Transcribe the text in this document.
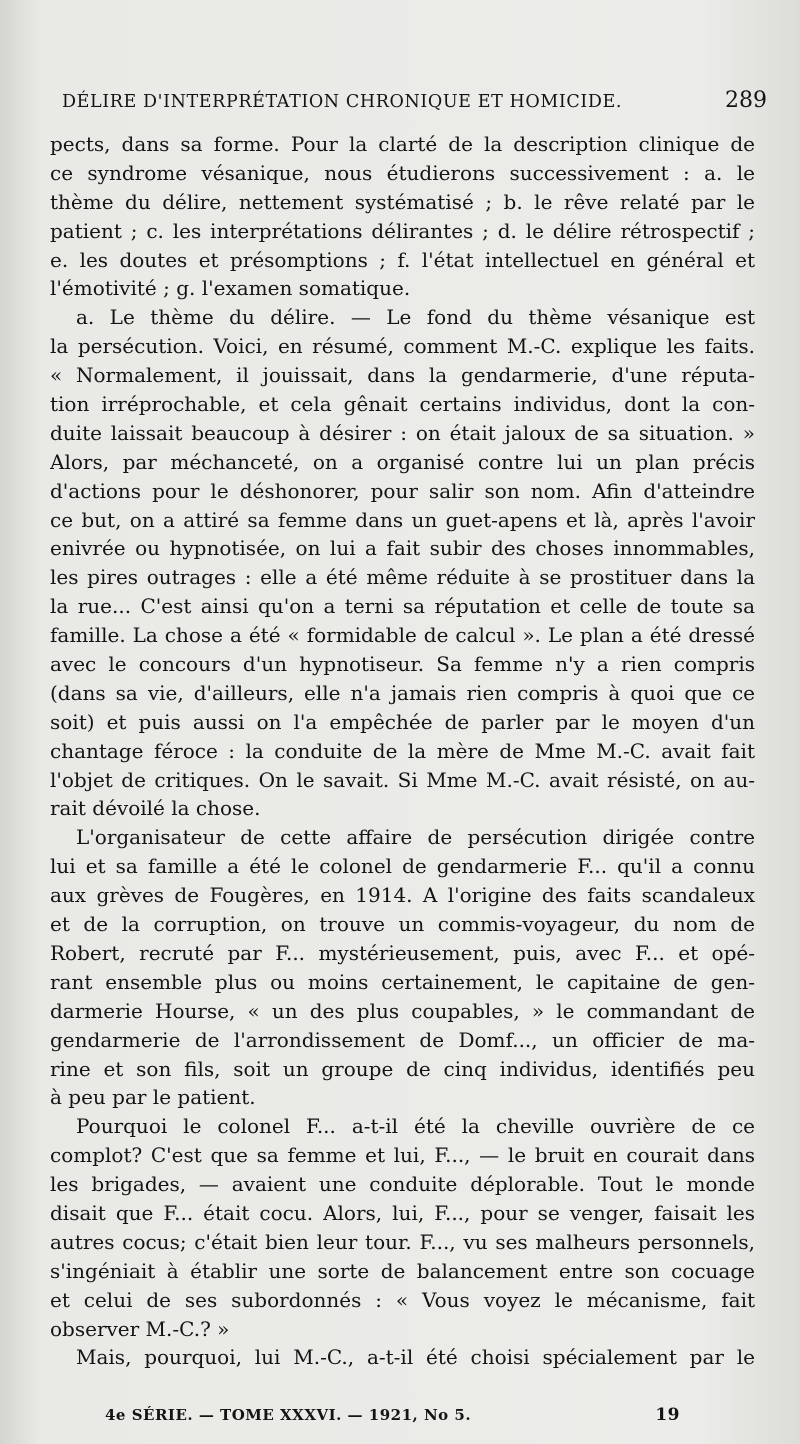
DÉLIRE D'INTERPRÉTATION CHRONIQUE ET HOMICIDE.	289
pects, dans sa forme. Pour la clarté de la description clinique de
ce syndrome vésanique, nous étudierons successivement : a. le
thème du délire, nettement systématisé ; b. le rêve relaté par le
patient ; c. les interprétations délirantes ; d. le délire rétrospectif ;
e. les doutes et présomptions ; f. l'état intellectuel en général et
l'émotivité ; g. l'examen somatique.
a. Le thème du délire. — Le fond du thème vésanique est
la persécution. Voici, en résumé, comment M.-C. explique les faits.
« Normalement, il jouissait, dans la gendarmerie, d'une réputa-
tion irréprochable, et cela gênait certains individus, dont la con-
duite laissait beaucoup à désirer : on était jaloux de sa situation. »
Alors, par méchanceté, on a organisé contre lui un plan précis
d'actions pour le déshonorer, pour salir son nom. Afin d'atteindre
ce but, on a attiré sa femme dans un guet-apens et là, après l'avoir
enivrée ou hypnotisée, on lui a fait subir des choses innommables,
les pires outrages : elle a été même réduite à se prostituer dans la
la rue... C'est ainsi qu'on a terni sa réputation et celle de toute sa
famille. La chose a été « formidable de calcul ». Le plan a été dressé
avec le concours d'un hypnotiseur. Sa femme n'y a rien compris
(dans sa vie, d'ailleurs, elle n'a jamais rien compris à quoi que ce
soit) et puis aussi on l'a empêchée de parler par le moyen d'un
chantage féroce : la conduite de la mère de Mme M.-C. avait fait
l'objet de critiques. On le savait. Si Mme M.-C. avait résisté, on au-
rait dévoilé la chose.
L'organisateur de cette affaire de persécution dirigée contre
lui et sa famille a été le colonel de gendarmerie F... qu'il a connu
aux grèves de Fougères, en 1914. A l'origine des faits scandaleux
et de la corruption, on trouve un commis-voyageur, du nom de
Robert, recruté par F... mystérieusement, puis, avec F... et opé-
rant ensemble plus ou moins certainement, le capitaine de gen-
darmerie Hourse, « un des plus coupables, » le commandant de
gendarmerie de l'arrondissement de Domf..., un officier de ma-
rine et son fils, soit un groupe de cinq individus, identifiés peu
à peu par le patient.
Pourquoi le colonel F... a-t-il été la cheville ouvrière de ce
complot? C'est que sa femme et lui, F..., — le bruit en courait dans
les brigades, — avaient une conduite déplorable. Tout le monde
disait que F... était cocu. Alors, lui, F..., pour se venger, faisait les
autres cocus; c'était bien leur tour. F..., vu ses malheurs personnels,
s'ingéniait à établir une sorte de balancement entre son cocuage
et celui de ses subordonnés : « Vous voyez le mécanisme, fait
observer M.-C.? »
Mais, pourquoi, lui M.-C., a-t-il été choisi spécialement par le
4e SÉRIE. — TOME XXXVI. — 1921, No 5.	19
